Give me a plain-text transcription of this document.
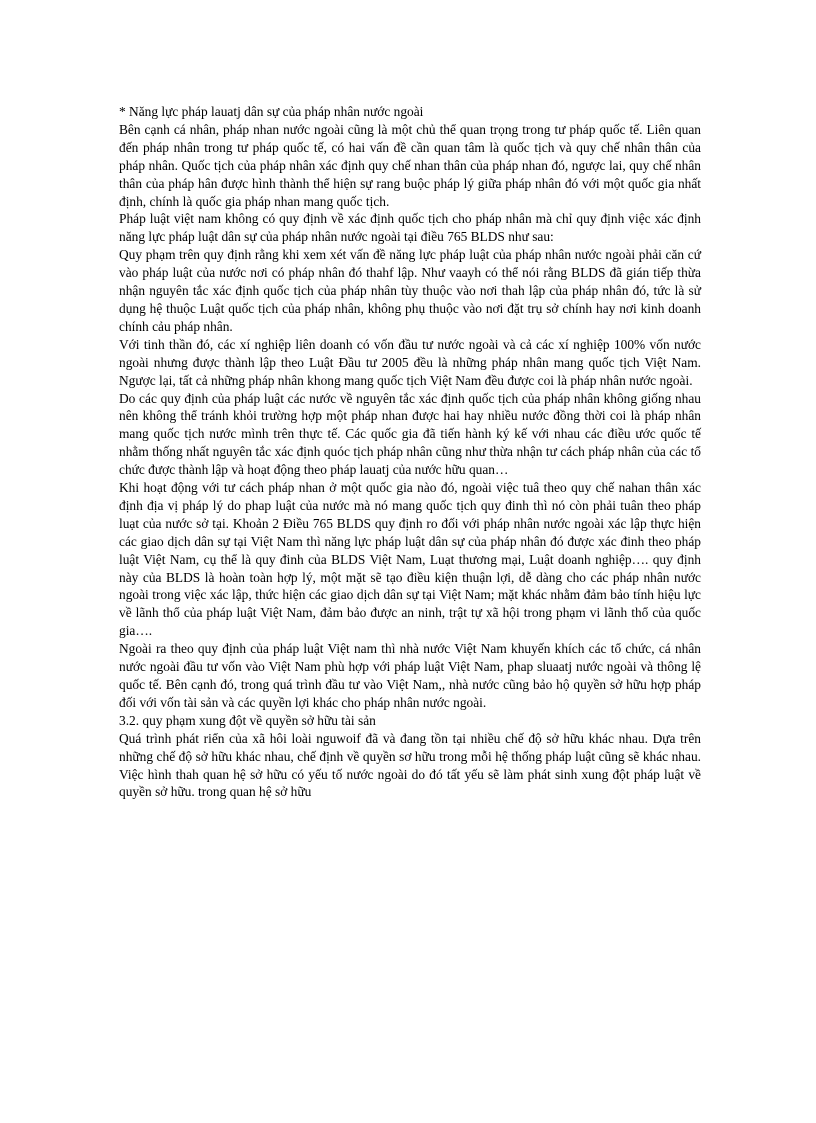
* Năng lực pháp lauatj dân sự của pháp nhân nước ngoài

Bên cạnh cá nhân, pháp nhan nước ngoài cũng là một chủ thể quan trọng trong tư pháp quốc tế. Liên quan đến pháp nhân trong tư pháp quốc tế, có hai vấn đề cần quan tâm là quốc tịch và quy chế nhân thân của pháp nhân. Quốc tịch của pháp nhân xác định quy chế nhan thân của pháp nhan đó, ngược lai, quy chế nhân thân của pháp hân được hình thành thể hiện sự rang buộc pháp lý giữa pháp nhân đó với một quốc gia nhất định, chính là quốc gia pháp nhan mang quốc tịch.

Pháp luật việt nam không có quy định về xác định quốc tịch cho pháp nhân mà chỉ quy định việc xác định năng lực pháp luật dân sự của pháp nhân nước ngoài tại điều 765 BLDS như sau:

Quy phạm trên quy định rằng khi xem xét vấn đề năng lực pháp luật của pháp nhân nước ngoài phải căn cứ vào pháp luật của nước nơi có pháp nhân đó thahf lập. Như vaayh có thể nói rằng BLDS đã gián tiếp thừa nhận nguyên tắc xác định quốc tịch của pháp nhân tùy thuộc vào nơi thah lập của pháp nhân đó, tức là sử dụng hệ thuộc Luật quốc tịch của pháp nhân, không phụ thuộc vào nơi đặt trụ sở chính hay nơi kinh doanh chính cảu pháp nhân.

Với tinh thần đó, các xí nghiệp liên doanh có vốn đầu tư nước ngoài và cả các xí nghiệp 100% vốn nước ngoài nhưng được thành lập theo Luật Đầu tư 2005 đều là những pháp nhân mang quốc tịch Việt Nam. Ngược lại, tất cả những pháp nhân khong mang quốc tịch Việt Nam đều được coi là pháp nhân nước ngoài.

Do các quy định của pháp luật các nước về nguyên tắc xác định quốc tịch của pháp nhân không giống nhau nên không thể tránh khỏi trường hợp một pháp nhan được hai hay nhiều nước đồng thời coi là pháp nhân mang quốc tịch nước mình trên thực tế. Các quốc gia đã tiến hành ký kế với nhau các điều ước quốc tế nhằm thống nhất nguyên tắc xác định quóc tịch pháp nhân cũng như thừa nhận tư cách pháp nhân của các tổ chức được thành lập và hoạt động theo pháp lauatj của nước hữu quan…

Khi hoạt động với tư cách pháp nhan ở một quốc gia nào đó, ngoài việc tuâ theo quy chế nahan thân xác định địa vị pháp lý do phap luật của nước mà nó mang quốc tịch quy đinh thì nó còn phải tuân theo pháp luạt của nước sở tại. Khoản 2 Điều 765 BLDS quy định ro đối với pháp nhân nước ngoài xác lập thực hiện các giao dịch dân sự tại Việt Nam thì năng lực pháp luật dân sự của pháp nhân đó được xác đinh theo pháp luật Việt Nam, cụ thể là quy đinh của BLDS Việt Nam, Luạt thương mại, Luật doanh nghiệp…. quy định này của BLDS là hoàn toàn hợp lý, một mặt sẽ tạo điều kiện thuận lợi, dễ dàng cho các pháp nhân nước ngoài trong việc xác lập, thức hiện các giao dịch dân sự tại Việt Nam; mặt khác nhằm đảm bảo tính hiệu lực về lãnh thổ của pháp luật Việt Nam, đảm bảo được an ninh, trật tự xã hội trong phạm vi lãnh thổ của quốc gia….

Ngoài ra theo quy định của pháp luật Việt nam thì nhà nước Việt Nam khuyến khích các tổ chức, cá nhân nước ngoài đầu tư vốn vào Việt Nam phù hợp với pháp luật Việt Nam, phap sluaatj nước ngoài và thông lệ quốc tế. Bên cạnh đó, trong quá trình đầu tư vào Việt Nam,, nhà nước cũng bảo hộ quyền sở hữu hợp pháp đối với vốn tài sản và các quyền lợi khác cho pháp nhân nước ngoài.

3.2. quy phạm xung đột về quyền sở hữu tài sản

Quá trình phát riển của xã hôi loài nguwoif đã và đang tồn tại nhiều chế độ sở hữu khác nhau. Dựa trên những chế độ sở hữu khác nhau, chế định về quyền sơ hữu trong mỗi hệ thống pháp luật cũng sẽ khác nhau. Việc hình thah quan hệ sở hữu có yếu tố nước ngoài do đó tất yếu sẽ làm phát sinh xung đột pháp luật về quyền sở hữu. trong quan hệ sở hữu
